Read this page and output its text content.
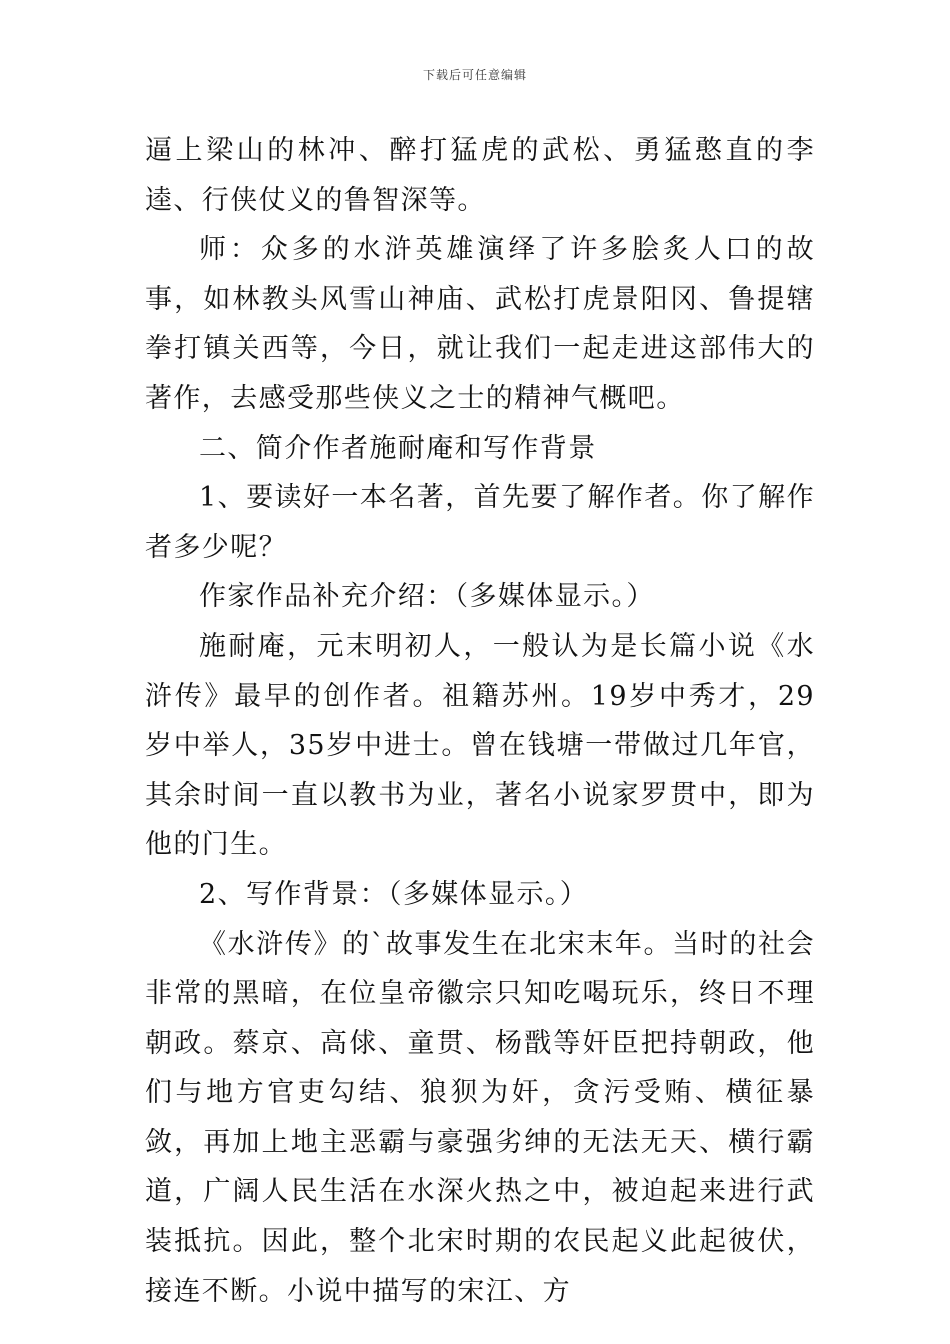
下载后可任意编辑

逼上梁山的林冲、醉打猛虎的武松、勇猛憨直的李逵、行侠仗义的鲁智深等。

师：众多的水浒英雄演绎了许多脍炙人口的故事，如林教头风雪山神庙、武松打虎景阳冈、鲁提辖拳打镇关西等，今日，就让我们一起走进这部伟大的著作，去感受那些侠义之士的精神气概吧。

二、简介作者施耐庵和写作背景

1、要读好一本名著，首先要了解作者。你了解作者多少呢？

作家作品补充介绍：（多媒体显示。）

施耐庵，元末明初人，一般认为是长篇小说《水浒传》最早的创作者。祖籍苏州。19岁中秀才，29岁中举人，35岁中进士。曾在钱塘一带做过几年官，其余时间一直以教书为业，著名小说家罗贯中，即为他的门生。

2、写作背景：（多媒体显示。）

《水浒传》的`故事发生在北宋末年。当时的社会非常的黑暗，在位皇帝徽宗只知吃喝玩乐，终日不理朝政。蔡京、高俅、童贯、杨戬等奸臣把持朝政，他们与地方官吏勾结、狼狈为奸，贪污受贿、横征暴敛，再加上地主恶霸与豪强劣绅的无法无天、横行霸道，广阔人民生活在水深火热之中，被迫起来进行武装抵抗。因此，整个北宋时期的农民起义此起彼伏，接连不断。小说中描写的宋江、方
